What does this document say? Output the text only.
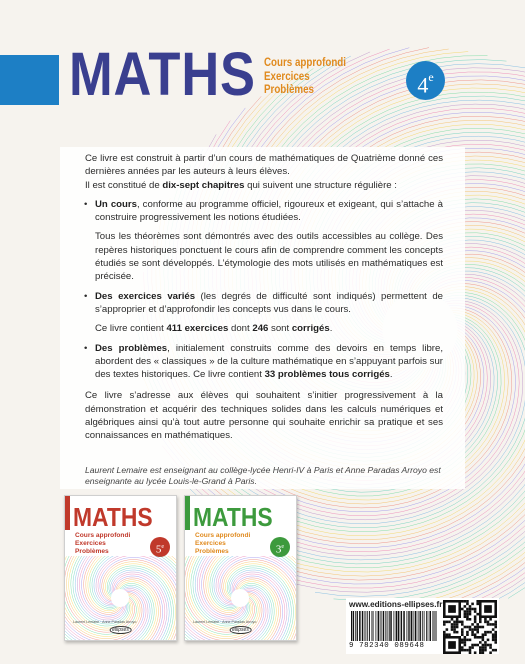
MATHS Cours approfondi
Exercices
Problèmes	4e

Ce livre est construit à partir d’un cours de mathématiques de Quatrième donné ces dernières années par les auteurs à leurs élèves.

Il est constitué de dix-sept chapitres qui suivent une structure régulière :

• Un cours, conforme au programme officiel, rigoureux et exigeant, qui s’attache à construire progressivement les notions étudiées.

Tous les théorèmes sont démontrés avec des outils accessibles au collège. Des repères historiques ponctuent le cours afin de comprendre comment les concepts étudiés se sont développés. L’étymologie des mots utilisés en mathématiques est précisée.

• Des exercices variés (les degrés de difficulté sont indiqués) permettent de s’approprier et d’approfondir les concepts vus dans le cours.

Ce livre contient 411 exercices dont 246 sont corrigés.

• Des problèmes, initialement construits comme des devoirs en temps libre, abordent des « classiques » de la culture mathématique en s’appuyant parfois sur des textes historiques. Ce livre contient 33 problèmes tous corrigés.

Ce livre s’adresse aux élèves qui souhaitent s’initier progressivement à la démonstration et acquérir des techniques solides dans les calculs numériques et algébriques ainsi qu’à tout autre personne qui souhaite enrichir sa pratique et ses connaissances en mathématiques.

Laurent Lemaire est enseignant au collège-lycée Henri-IV à Paris et Anne Paradas Arroyo est enseignante au lycée Louis-le-Grand à Paris.

MATHS
Cours approfondi
Exercices
Problèmes	5e
Laurent Lemaire · Anne Paradas Arroyo
ellipses
MATHS
Cours approfondi
Exercices
Problèmes	3e
Laurent Lemaire · Anne Paradas Arroyo
ellipses
www.editions-ellipses.fr
9 782340 089648
